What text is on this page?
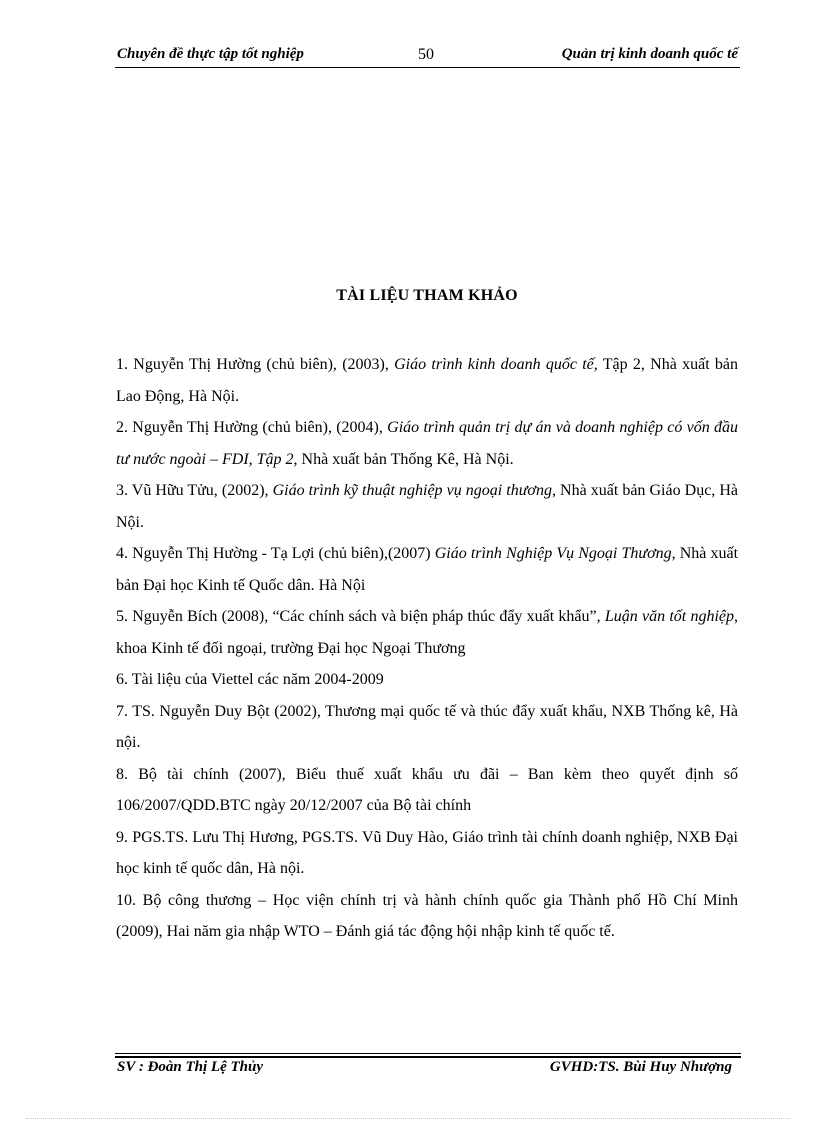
Chuyên đề thực tập tốt nghiệp	50	Quản trị kinh doanh quốc tế
TÀI LIỆU THAM KHẢO

1. Nguyễn Thị Hường (chủ biên), (2003), Giáo trình kinh doanh quốc tế, Tập 2, Nhà xuất bản Lao Động, Hà Nội.

2. Nguyễn Thị Hường (chủ biên), (2004), Giáo trình quản trị dự án và doanh nghiệp có vốn đầu tư nước ngoài – FDI, Tập 2, Nhà xuất bản Thống Kê, Hà Nội.

3. Vũ Hữu Tửu, (2002), Giáo trình kỹ thuật nghiệp vụ ngoại thương, Nhà xuất bản Giáo Dục, Hà Nội.

4. Nguyễn Thị Hường - Tạ Lợi (chủ biên),(2007) Giáo trình Nghiệp Vụ Ngoại Thương, Nhà xuất bản Đại học Kinh tế Quốc dân. Hà Nội

5. Nguyễn Bích (2008), “Các chính sách và biện pháp thúc đẩy xuất khẩu”, Luận văn tốt nghiệp, khoa Kinh tế đối ngoại, trường Đại học Ngoại Thương

6. Tài liệu của Viettel các năm 2004-2009

7. TS. Nguyễn Duy Bột (2002), Thương mại quốc tế và thúc đẩy xuất khẩu, NXB Thống kê, Hà nội.

8. Bộ tài chính (2007), Biểu thuế xuất khẩu ưu đãi – Ban kèm theo quyết định số 106/2007/QDD.BTC ngày 20/12/2007 của Bộ tài chính

9. PGS.TS. Lưu Thị Hương, PGS.TS. Vũ Duy Hào, Giáo trình tài chính doanh nghiệp, NXB Đại học kinh tế quốc dân, Hà nội.

10. Bộ công thương – Học viện chính trị và hành chính quốc gia Thành phố Hồ Chí Minh (2009), Hai năm gia nhập WTO – Đánh giá tác động hội nhập kinh tế quốc tế.

SV : Đoàn Thị Lệ Thủy	GVHD:TS. Bùi Huy Nhượng
